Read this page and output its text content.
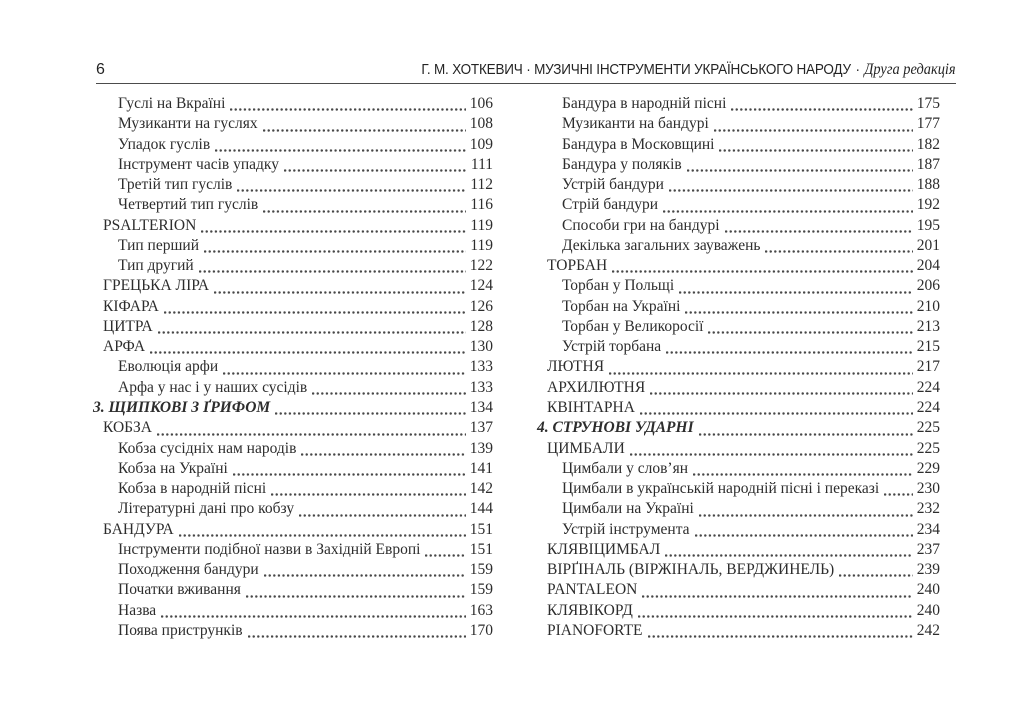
6	Г. М. ХОТКЕВИЧ · МУЗИЧНІ ІНСТРУМЕНТИ УКРАЇНСЬКОГО НАРОДУ · Друга редакція
Гуслі на Вкраїні	106
Музиканти на гуслях	108
Упадок гуслів	109
Інструмент часів упадку	111
Третій тип гуслів	112
Четвертий тип гуслів	116
PSALTERION	119
Тип перший	119
Тип другий	122
ГРЕЦЬКА ЛІРА	124
КІФАРА	126
ЦИТРА	128
АРФА	130
Еволюція арфи	133
Арфа у нас і у наших сусідів	133
3. ЩИПКОВІ З ҐРИФОМ	134
КОБЗА	137
Кобза сусідніх нам народів	139
Кобза на Україні	141
Кобза в народній пісні	142
Літературні дані про кобзу	144
БАНДУРА	151
Інструменти подібної назви в Західній Европі	151
Походження бандури	159
Початки вживання	159
Назва	163
Поява приструнків	170
Бандура в народній пісні	175
Музиканти на бандурі	177
Бандура в Московщині	182
Бандура у поляків	187
Устрій бандури	188
Стрій бандури	192
Способи гри на бандурі	195
Декілька загальних зауважень	201
ТОРБАН	204
Торбан у Польщі	206
Торбан на Україні	210
Торбан у Великоросії	213
Устрій торбана	215
ЛЮТНЯ	217
АРХИЛЮТНЯ	224
КВІНТАРНА	224
4. СТРУНОВІ УДАРНІ	225
ЦИМБАЛИ	225
Цимбали у слов’ян	229
Цимбали в українській народній пісні і переказі 230
Цимбали на Україні	232
Устрій інструмента	234
КЛЯВІЦИМБАЛ	237
ВІРҐІНАЛЬ (ВІРЖІНАЛЬ, ВЕРДЖИНЕЛЬ)	239
PANTALEON	240
КЛЯВІКОРД	240
PIANOFORTE	242
